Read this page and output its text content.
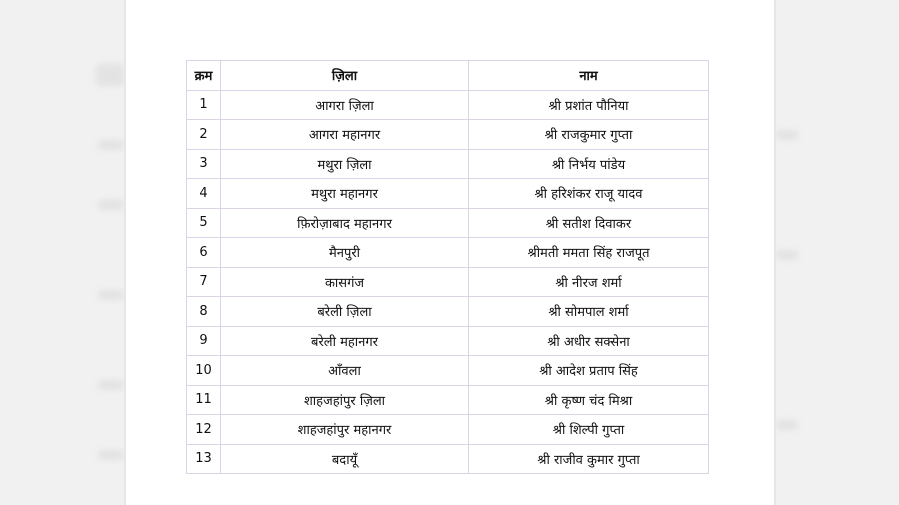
क्रम	ज़िला	नाम
1	आगरा ज़िला	श्री प्रशांत पौनिया
2	आगरा महानगर	श्री राजकुमार गुप्ता
3	मथुरा ज़िला	श्री निर्भय पांडेय
4	मथुरा महानगर	श्री हरिशंकर राजू यादव
5	फ़िरोज़ाबाद महानगर	श्री सतीश दिवाकर
6	मैनपुरी	श्रीमती ममता सिंह राजपूत
7	कासगंज	श्री नीरज शर्मा
8	बरेली ज़िला	श्री सोमपाल शर्मा
9	बरेली महानगर	श्री अधीर सक्सेना
10	आँवला	श्री आदेश प्रताप सिंह
11	शाहजहांपुर ज़िला	श्री कृष्ण चंद मिश्रा
12	शाहजहांपुर महानगर	श्री शिल्पी गुप्ता
13	बदायूँ	श्री राजीव कुमार गुप्ता
